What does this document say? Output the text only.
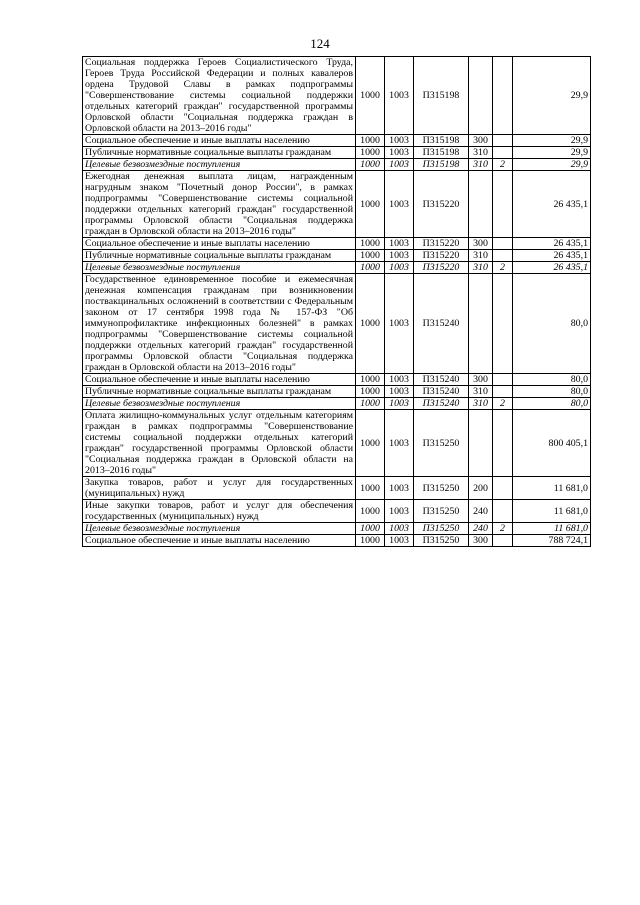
124
Социальная поддержка Героев Социалистического Труда, Героев Труда Российской Федерации и полных кавалеров ордена Трудовой Славы в рамках подпрограммы "Совершенствование системы социальной поддержки отдельных категорий граждан" государственной программы Орловской области "Социальная поддержка граждан в Орловской области на 2013–2016 годы"	1000	1003	П315198			29,9
Социальное обеспечение и иные выплаты населению	1000	1003	П315198	300		29,9
Публичные нормативные социальные выплаты гражданам	1000	1003	П315198	310		29,9
Целевые безвозмездные поступления	1000	1003	П315198	310	2	29,9
Ежегодная денежная выплата лицам, награжденным нагрудным знаком "Почетный донор России", в рамках подпрограммы "Совершенствование системы социальной поддержки отдельных категорий граждан" государственной программы Орловской области "Социальная поддержка граждан в Орловской области на 2013–2016 годы"	1000	1003	П315220			26 435,1
Социальное обеспечение и иные выплаты населению	1000	1003	П315220	300		26 435,1
Публичные нормативные социальные выплаты гражданам	1000	1003	П315220	310		26 435,1
Целевые безвозмездные поступления	1000	1003	П315220	310	2	26 435,1
Государственное единовременное пособие и ежемесячная денежная компенсация гражданам при возникновении поствакцинальных осложнений в соответствии с Федеральным законом от 17 сентября 1998 года № 157-ФЗ "Об иммунопрофилактике инфекционных болезней" в рамках подпрограммы "Совершенствование системы социальной поддержки отдельных категорий граждан" государственной программы Орловской области "Социальная поддержка граждан в Орловской области на 2013–2016 годы"	1000	1003	П315240			80,0
Социальное обеспечение и иные выплаты населению	1000	1003	П315240	300		80,0
Публичные нормативные социальные выплаты гражданам	1000	1003	П315240	310		80,0
Целевые безвозмездные поступления	1000	1003	П315240	310	2	80,0
Оплата жилищно-коммунальных услуг отдельным категориям граждан в рамках подпрограммы "Совершенствование системы социальной поддержки отдельных категорий граждан" государственной программы Орловской области "Социальная поддержка граждан в Орловской области на 2013–2016 годы"	1000	1003	П315250			800 405,1
Закупка товаров, работ и услуг для государственных (муниципальных) нужд	1000	1003	П315250	200		11 681,0
Иные закупки товаров, работ и услуг для обеспечения государственных (муниципальных) нужд	1000	1003	П315250	240		11 681,0
Целевые безвозмездные поступления	1000	1003	П315250	240	2	11 681,0
Социальное обеспечение и иные выплаты населению	1000	1003	П315250	300		788 724,1
